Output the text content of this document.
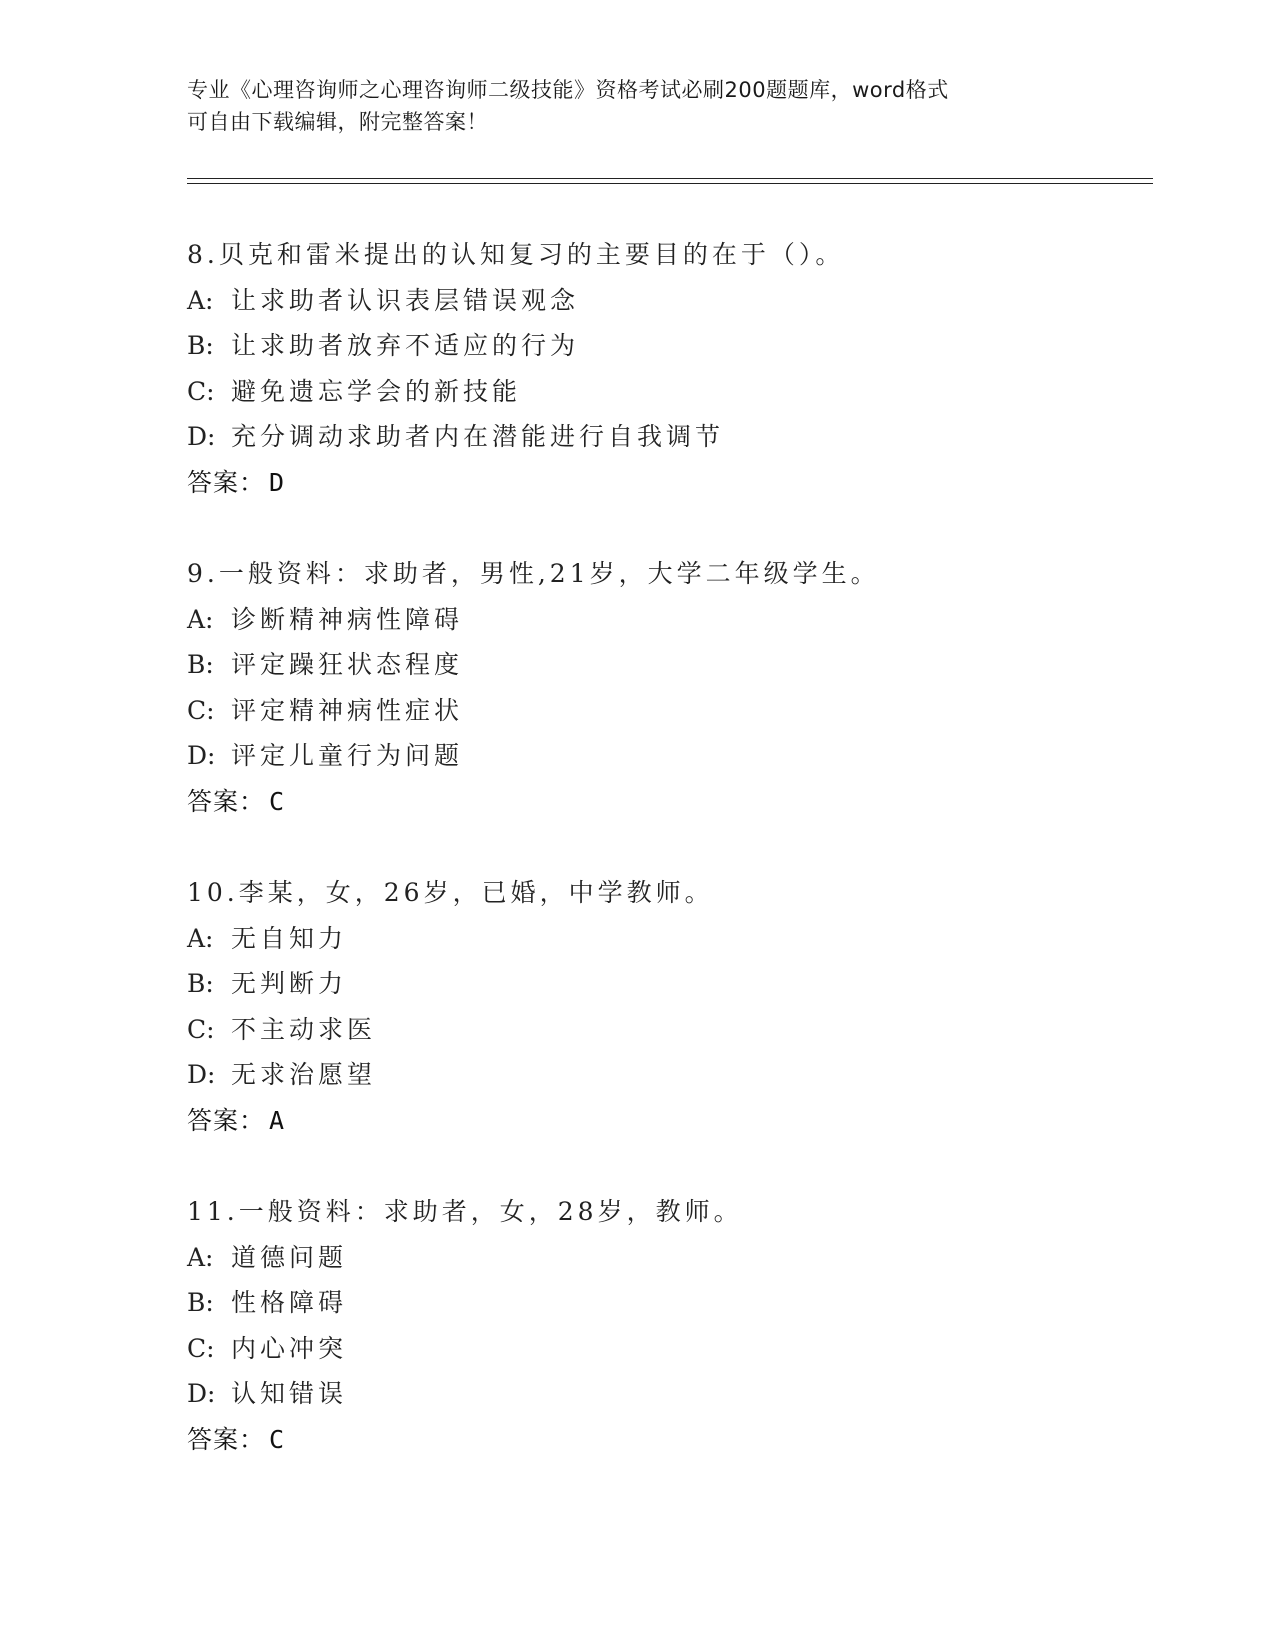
专业《心理咨询师之心理咨询师二级技能》资格考试必刷200题题库，word格式
可自由下载编辑，附完整答案！
8.贝克和雷米提出的认知复习的主要目的在于（）。
A: 让求助者认识表层错误观念
B: 让求助者放弃不适应的行为
C: 避免遗忘学会的新技能
D: 充分调动求助者内在潜能进行自我调节
答案： D
9.一般资料：求助者，男性,21岁，大学二年级学生。
A: 诊断精神病性障碍
B: 评定躁狂状态程度
C: 评定精神病性症状
D: 评定儿童行为问题
答案： C
10.李某，女，26岁，已婚，中学教师。
A: 无自知力
B: 无判断力
C: 不主动求医
D: 无求治愿望
答案： A
11.一般资料：求助者，女，28岁，教师。
A: 道德问题
B: 性格障碍
C: 内心冲突
D: 认知错误
答案： C
